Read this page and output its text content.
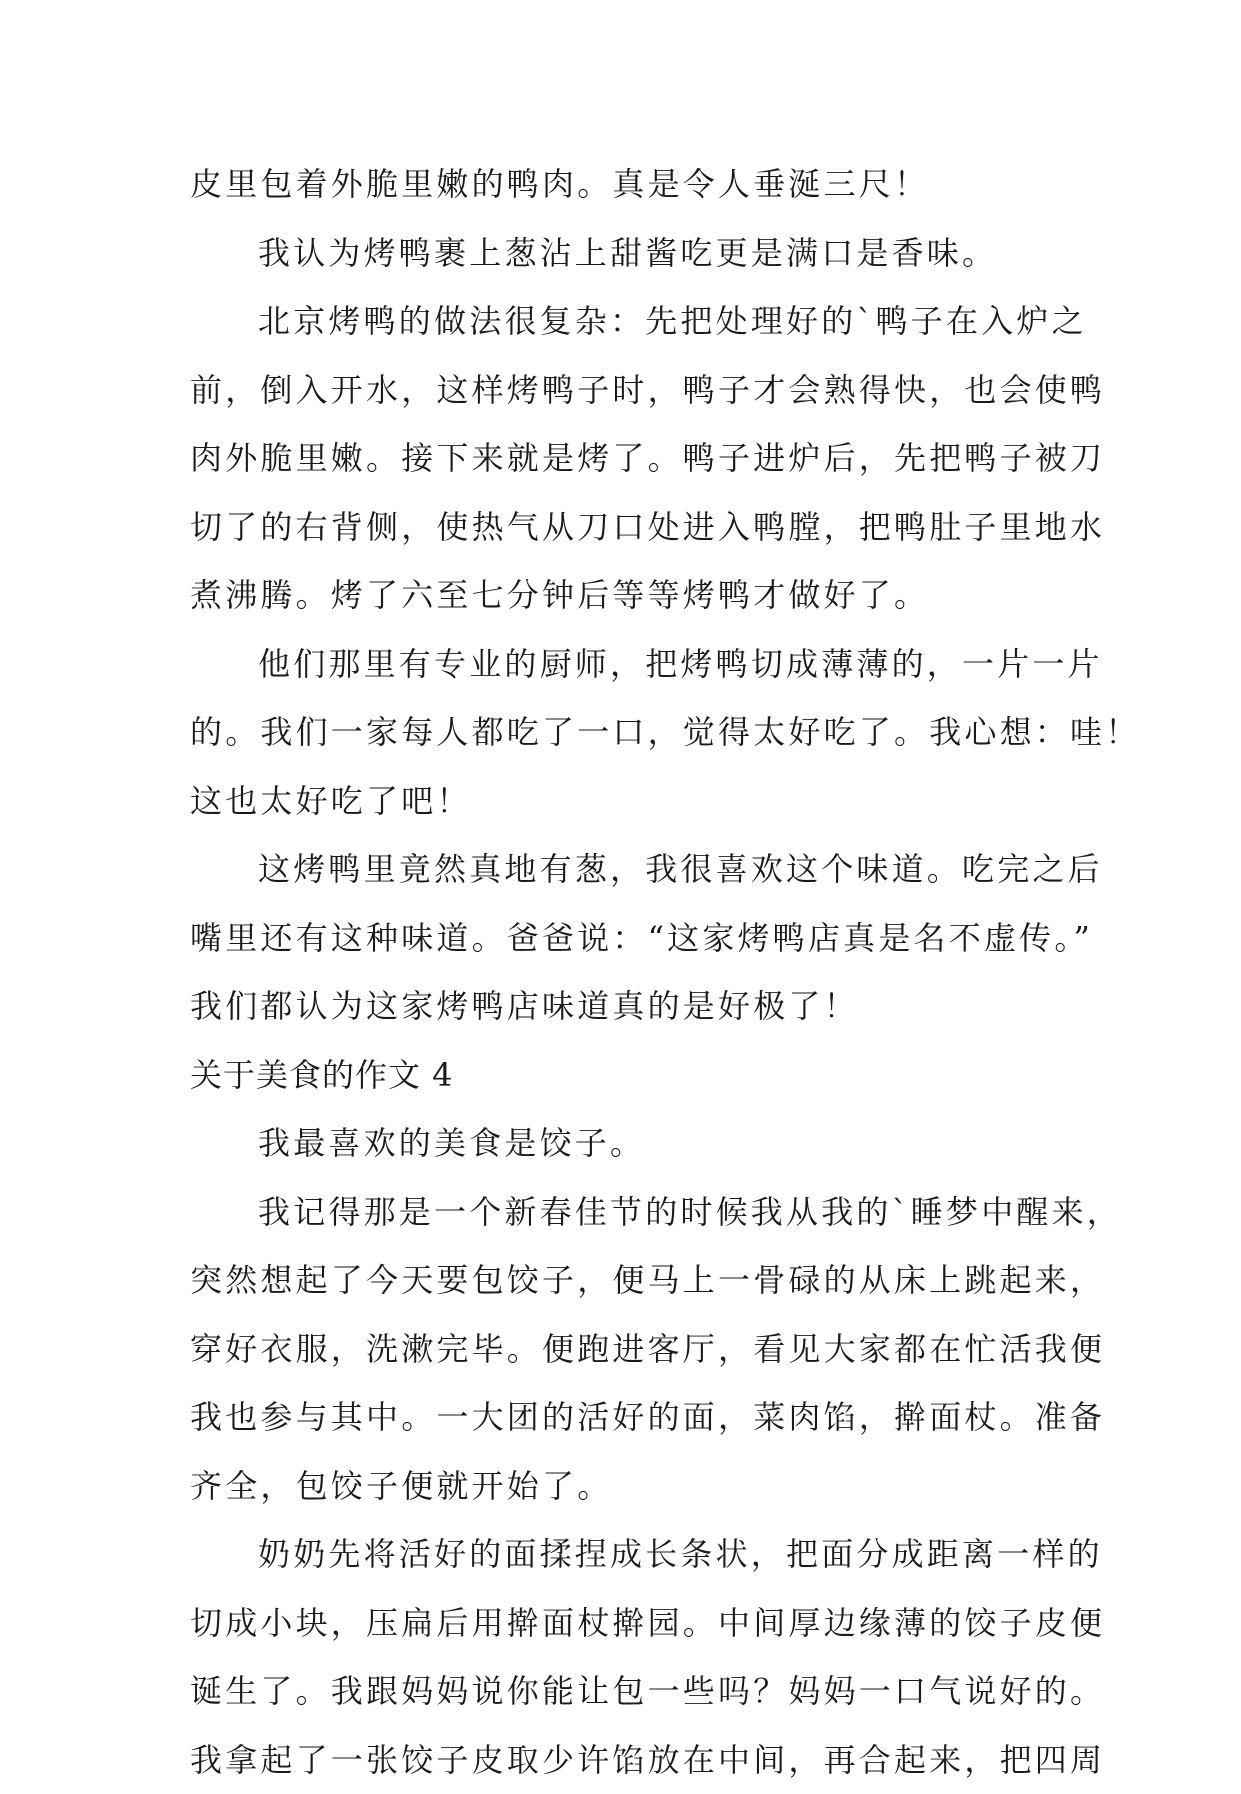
皮里包着外脆里嫩的鸭肉。真是令人垂涎三尺！
我认为烤鸭裹上葱沾上甜酱吃更是满口是香味。
北京烤鸭的做法很复杂：先把处理好的`鸭子在入炉之
前，倒入开水，这样烤鸭子时，鸭子才会熟得快，也会使鸭
肉外脆里嫩。接下来就是烤了。鸭子进炉后，先把鸭子被刀
切了的右背侧，使热气从刀口处进入鸭膛，把鸭肚子里地水
煮沸腾。烤了六至七分钟后等等烤鸭才做好了。
他们那里有专业的厨师，把烤鸭切成薄薄的，一片一片
的。我们一家每人都吃了一口，觉得太好吃了。我心想：哇！
这也太好吃了吧！
这烤鸭里竟然真地有葱，我很喜欢这个味道。吃完之后
嘴里还有这种味道。爸爸说：“这家烤鸭店真是名不虚传。”
我们都认为这家烤鸭店味道真的是好极了！
关于美食的作文 4
我最喜欢的美食是饺子。
我记得那是一个新春佳节的时候我从我的`睡梦中醒来，
突然想起了今天要包饺子，便马上一骨碌的从床上跳起来，
穿好衣服，洗漱完毕。便跑进客厅，看见大家都在忙活我便
我也参与其中。一大团的活好的面，菜肉馅，擀面杖。准备
齐全，包饺子便就开始了。
奶奶先将活好的面揉捏成长条状，把面分成距离一样的
切成小块，压扁后用擀面杖擀园。中间厚边缘薄的饺子皮便
诞生了。我跟妈妈说你能让包一些吗？妈妈一口气说好的。
我拿起了一张饺子皮取少许馅放在中间，再合起来，把四周
